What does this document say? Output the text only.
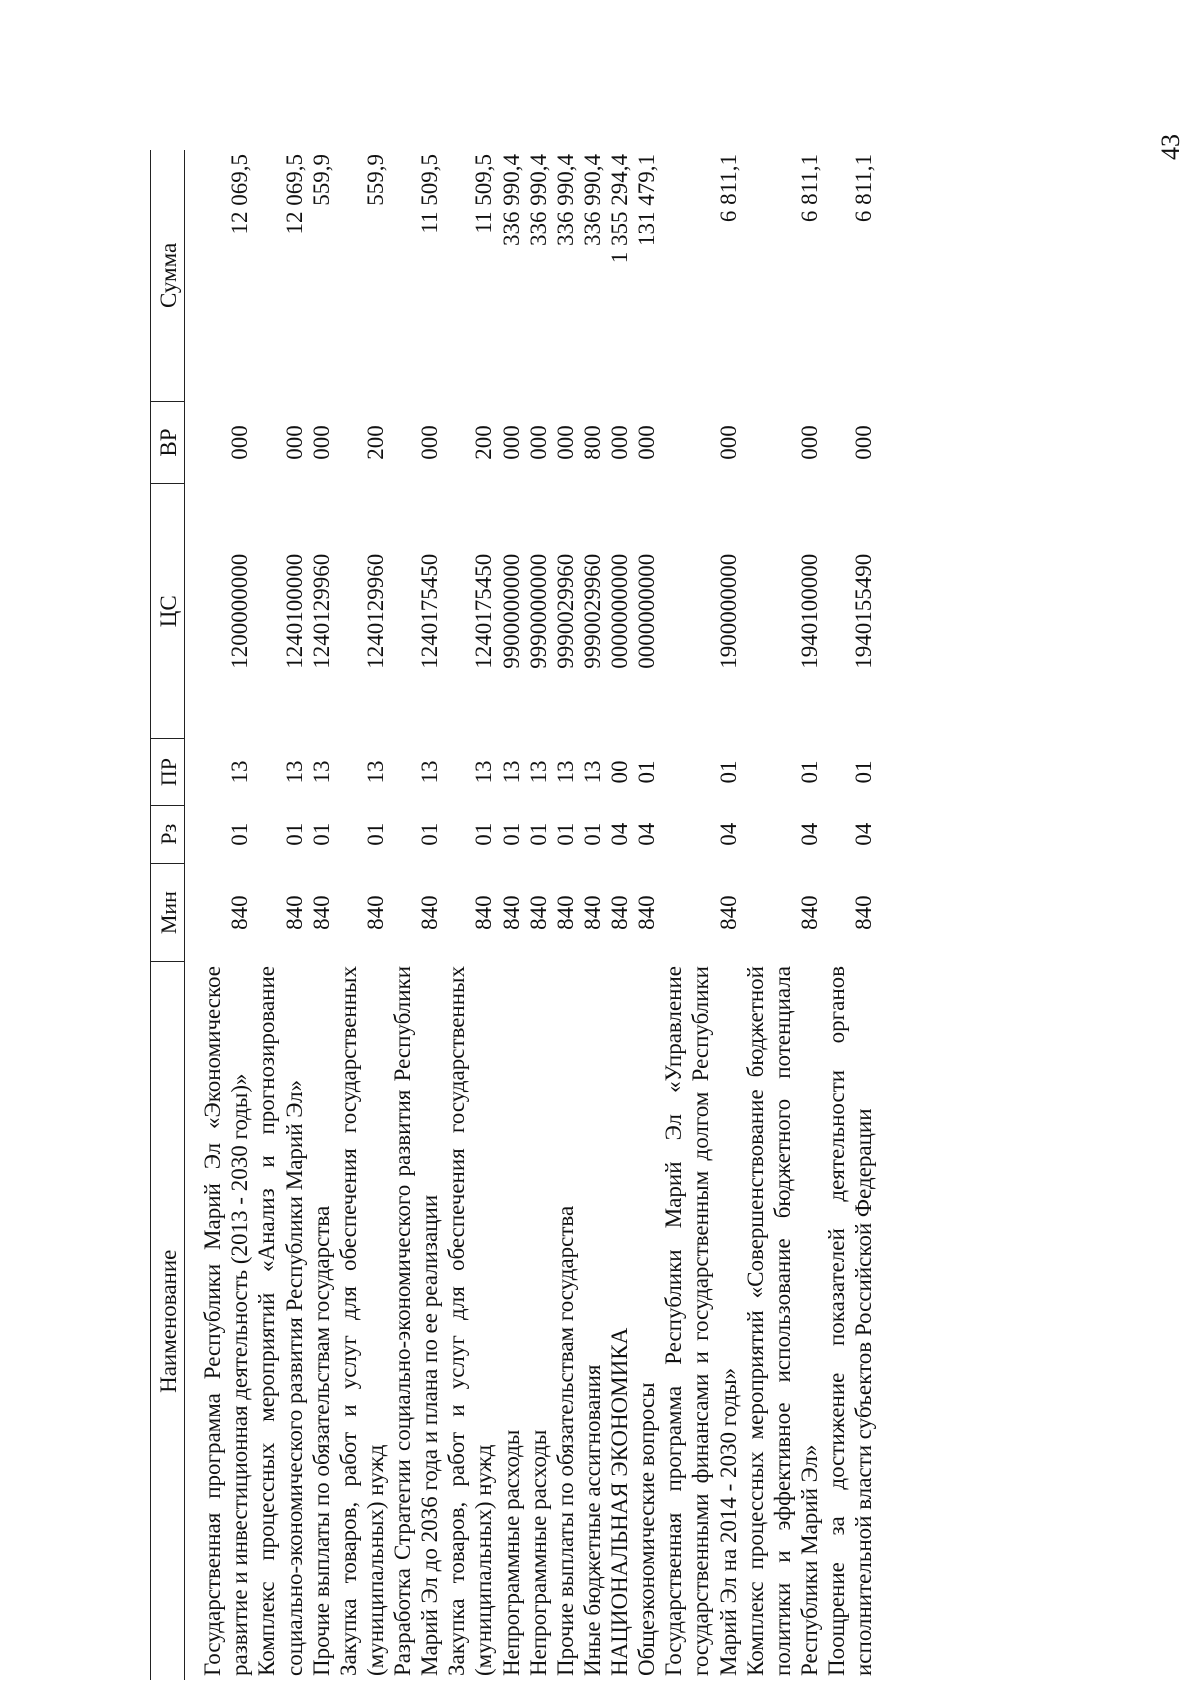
43
Наименование	Мин	Рз	ПР	ЦС	ВР	Сумма
Государственная программа Республики Марий Эл «Экономическое развитие и инвестиционная деятельность (2013 - 2030 годы)»	840	01	13	1200000000	000	12 069,5
Комплекс процессных мероприятий «Анализ и прогнозирование социально-экономического развития Республики Марий Эл»	840	01	13	1240100000	000	12 069,5
Прочие выплаты по обязательствам государства	840	01	13	1240129960	000	559,9
Закупка товаров, работ и услуг для обеспечения государственных (муниципальных) нужд	840	01	13	1240129960	200	559,9
Разработка Стратегии социально-экономического развития Республики Марий Эл до 2036 года и плана по ее реализации	840	01	13	1240175450	000	11 509,5
Закупка товаров, работ и услуг для обеспечения государственных (муниципальных) нужд	840	01	13	1240175450	200	11 509,5
Непрограммные расходы	840	01	13	9900000000	000	336 990,4
Непрограммные расходы	840	01	13	9990000000	000	336 990,4
Прочие выплаты по обязательствам государства	840	01	13	9990029960	000	336 990,4
Иные бюджетные ассигнования	840	01	13	9990029960	800	336 990,4
НАЦИОНАЛЬНАЯ ЭКОНОМИКА	840	04	00	0000000000	000	1 355 294,4
Общеэкономические вопросы	840	04	01	0000000000	000	131 479,1
Государственная программа Республики Марий Эл «Управление государственными финансами и государственным долгом Республики Марий Эл на 2014 - 2030 годы»	840	04	01	1900000000	000	6 811,1
Комплекс процессных мероприятий «Совершенствование бюджетной политики и эффективное использование бюджетного потенциала Республики Марий Эл»	840	04	01	1940100000	000	6 811,1
Поощрение за достижение показателей деятельности органов исполнительной власти субъектов Российской Федерации	840	04	01	1940155490	000	6 811,1
